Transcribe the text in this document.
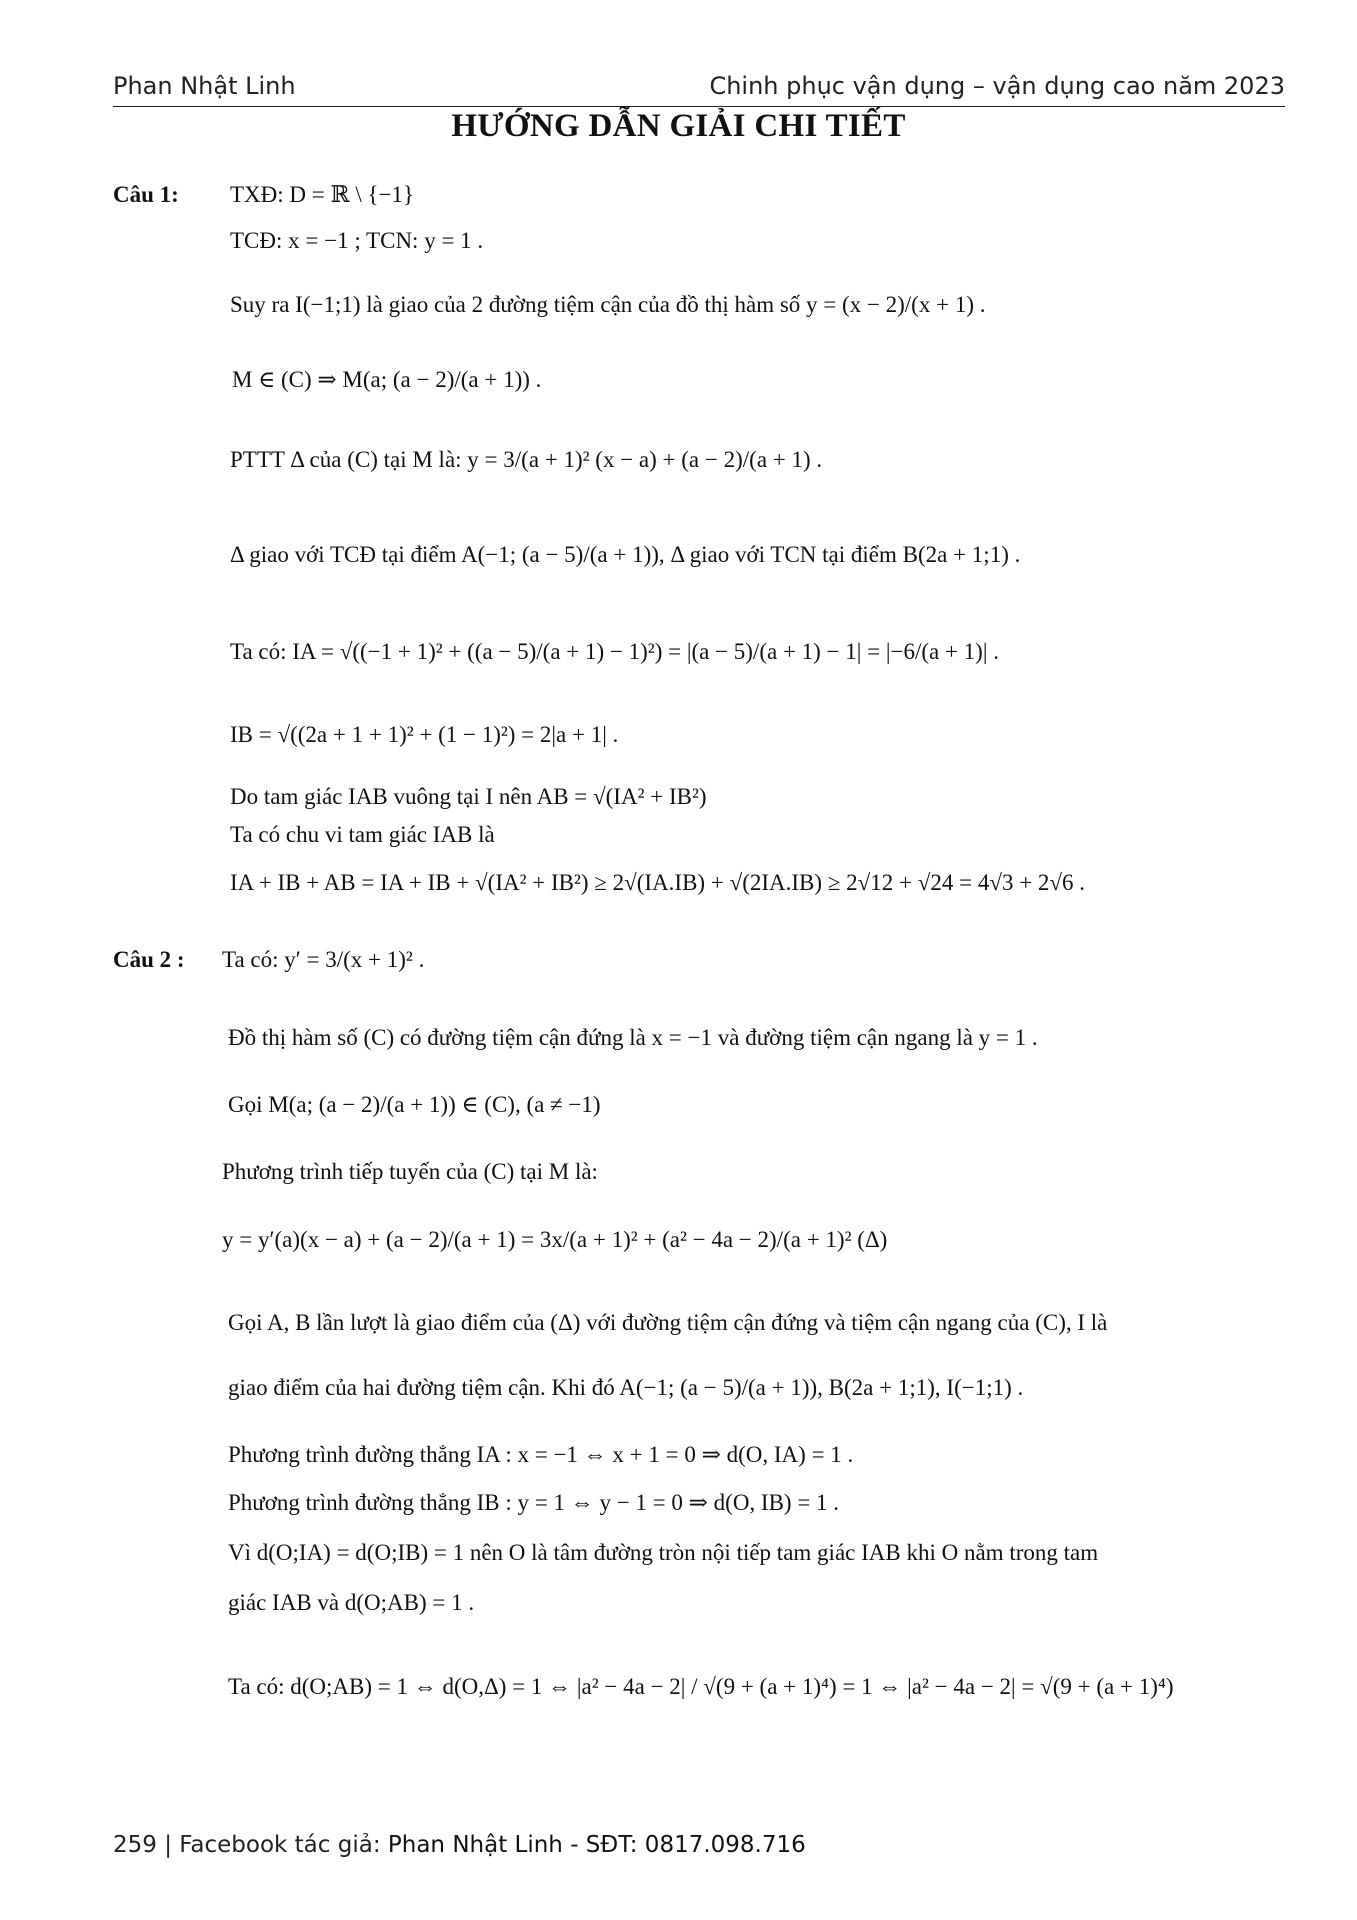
Phan Nhật Linh	Chinh phục vận dụng – vận dụng cao năm 2023
HƯỚNG DẪN GIẢI CHI TIẾT
Câu 1: TXĐ: D = ℝ \ {−1}
TCĐ: x = −1 ; TCN: y = 1 .
Suy ra I(−1;1) là giao của 2 đường tiệm cận của đồ thị hàm số y = (x − 2)/(x + 1) .
M ∈ (C) ⇒ M(a; (a − 2)/(a + 1)) .
PTTT Δ của (C) tại M là: y = 3/(a + 1)² (x − a) + (a − 2)/(a + 1) .
Δ giao với TCĐ tại điểm A(−1; (a − 5)/(a + 1)), Δ giao với TCN tại điểm B(2a + 1;1) .
Ta có: IA = √((−1 + 1)² + ((a − 5)/(a + 1) − 1)²) = |(a − 5)/(a + 1) − 1| = |−6/(a + 1)| .
IB = √((2a + 1 + 1)² + (1 − 1)²) = 2|a + 1| .
Do tam giác IAB vuông tại I nên AB = √(IA² + IB²)
Ta có chu vi tam giác IAB là
IA + IB + AB = IA + IB + √(IA² + IB²) ≥ 2√(IA.IB) + √(2IA.IB) ≥ 2√12 + √24 = 4√3 + 2√6 .
Câu 2 : Ta có: y′ = 3/(x + 1)² .
Đồ thị hàm số (C) có đường tiệm cận đứng là x = −1 và đường tiệm cận ngang là y = 1 .
Gọi M(a; (a − 2)/(a + 1)) ∈ (C), (a ≠ −1)
Phương trình tiếp tuyến của (C) tại M là:
y = y′(a)(x − a) + (a − 2)/(a + 1) = 3x/(a + 1)² + (a² − 4a − 2)/(a + 1)² (Δ)
Gọi A, B lần lượt là giao điểm của (Δ) với đường tiệm cận đứng và tiệm cận ngang của (C), I là
giao điểm của hai đường tiệm cận. Khi đó A(−1; (a − 5)/(a + 1)), B(2a + 1;1), I(−1;1) .
Phương trình đường thẳng IA : x = −1 ⇔ x + 1 = 0 ⇒ d(O, IA) = 1 .
Phương trình đường thẳng IB : y = 1 ⇔ y − 1 = 0 ⇒ d(O, IB) = 1 .
Vì d(O;IA) = d(O;IB) = 1 nên O là tâm đường tròn nội tiếp tam giác IAB khi O nằm trong tam
giác IAB và d(O;AB) = 1 .
Ta có: d(O;AB) = 1 ⇔ d(O,Δ) = 1 ⇔ |a² − 4a − 2| / √(9 + (a + 1)⁴) = 1 ⇔ |a² − 4a − 2| = √(9 + (a + 1)⁴)
259 | Facebook tác giả: Phan Nhật Linh - SĐT: 0817.098.716
